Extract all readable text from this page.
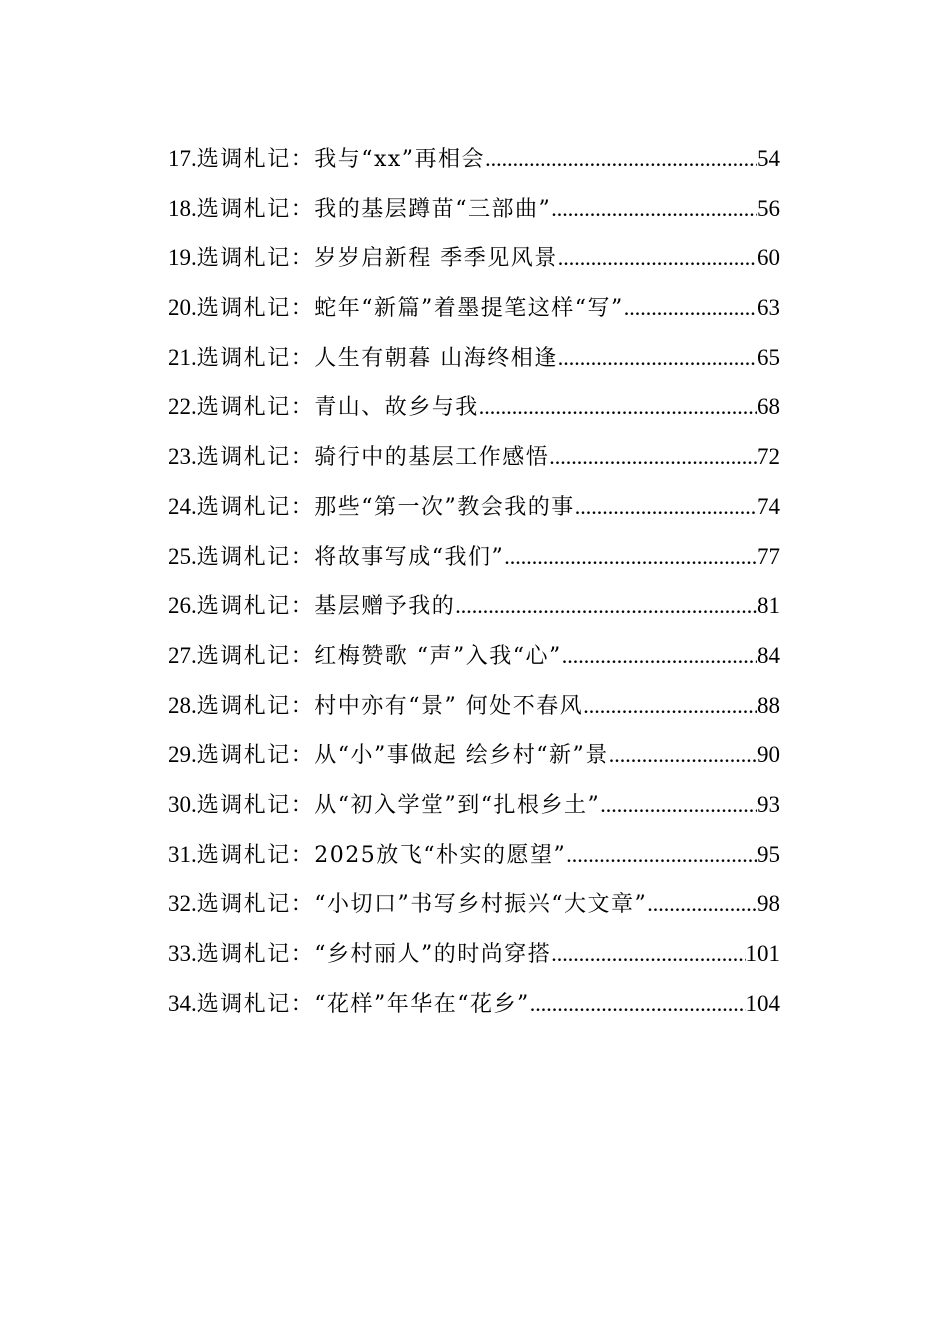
17. 选调札记：我与“xx”再相会 .....	54
18. 选调札记：我的基层蹲苗“三部曲” .....	56
19. 选调札记：岁岁启新程 季季见风景 .....	60
20. 选调札记：蛇年“新篇”着墨提笔这样“写” .....	63
21. 选调札记：人生有朝暮 山海终相逢 .....	65
22. 选调札记：青山、故乡与我 .....	68
23. 选调札记：骑行中的基层工作感悟 .....	72
24. 选调札记：那些“第一次”教会我的事 .....	74
25. 选调札记：将故事写成“我们” .....	77
26. 选调札记：基层赠予我的 .....	81
27. 选调札记：红梅赞歌 “声”入我“心” .....	84
28. 选调札记：村中亦有“景” 何处不春风 .....	88
29. 选调札记：从“小”事做起 绘乡村“新”景 .....	90
30. 选调札记：从“初入学堂”到“扎根乡土” .....	93
31. 选调札记：2025放飞“朴实的愿望” .....	95
32. 选调札记：“小切口”书写乡村振兴“大文章” .....	98
33. 选调札记：“乡村丽人”的时尚穿搭 .....	101
34. 选调札记：“花样”年华在“花乡” .....	104
